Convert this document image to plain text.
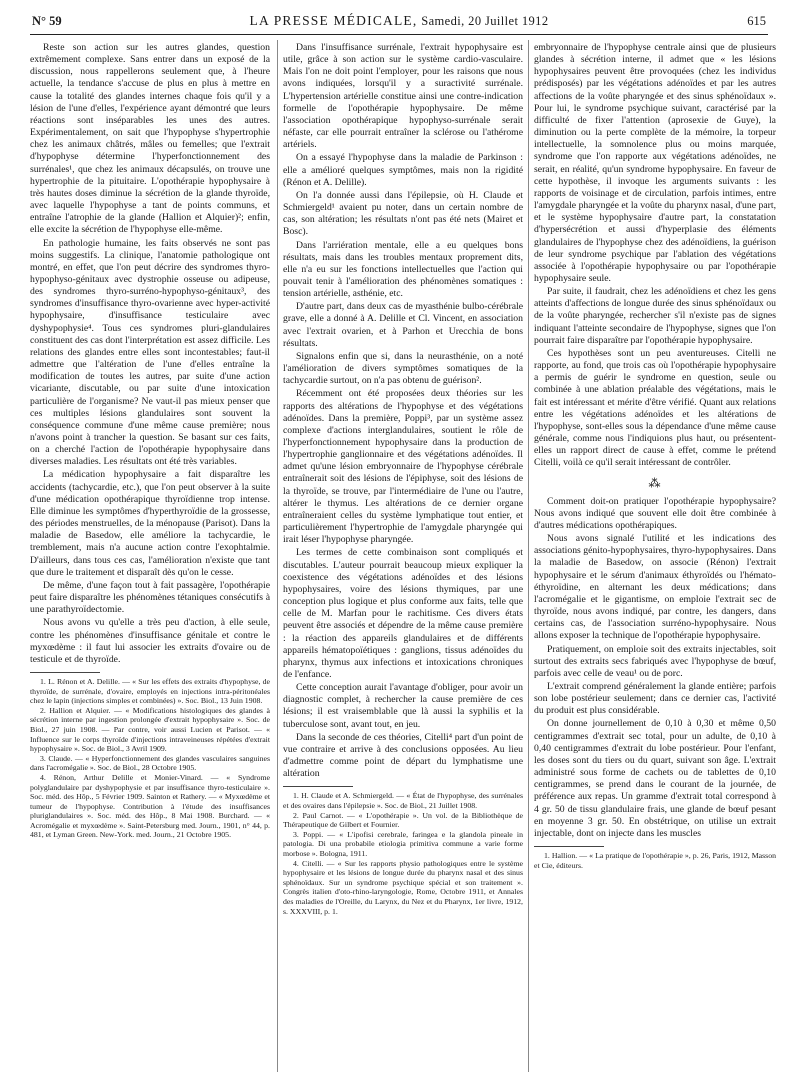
N° 59	LA PRESSE MÉDICALE, Samedi, 20 Juillet 1912	615

Reste son action sur les autres glandes, question extrêmement complexe. Sans entrer dans un exposé de la discussion, nous rappellerons seulement que, à l'heure actuelle, la tendance s'accuse de plus en plus à mettre en cause la totalité des glandes internes chaque fois qu'il y a lésion de l'une d'elles, l'expérience ayant démontré que leurs réactions sont inséparables les unes des autres. Expérimentalement, on sait que l'hypophyse s'hypertrophie chez les animaux châtrés, mâles ou femelles; que l'extrait d'hypophyse détermine l'hyperfonctionnement des surrénales¹, que chez les animaux décapsulés, on trouve une hypertrophie de la pituitaire. L'opothérapie hypophysaire à très hautes doses diminue la sécrétion de la glande thyroïde, avec laquelle l'hypophyse a tant de points communs, et entraîne l'atrophie de la glande (Hallion et Alquier)²; enfin, elle excite la sécrétion de l'hypophyse elle-même.

En pathologie humaine, les faits observés ne sont pas moins suggestifs. La clinique, l'anatomie pathologique ont montré, en effet, que l'on peut décrire des syndromes thyro-hypophyso-génitaux avec dystrophie osseuse ou adipeuse, des syndromes thyro-surréno-hypophyso-génitaux³, des syndromes d'insuffisance thyro-ovarienne avec hyper-activité hypophysaire, d'insuffisance testiculaire avec dyshypophysie⁴. Tous ces syndromes pluri-glandulaires constituent des cas dont l'interprétation est assez difficile. Les relations des glandes entre elles sont incontestables; faut-il admettre que l'altération de l'une d'elles entraîne la modification de toutes les autres, par suite d'une action vicariante, discutable, ou par suite d'une intoxication particulière de l'organisme? Ne vaut-il pas mieux penser que ces multiples lésions glandulaires sont souvent la conséquence commune d'une même cause première; nous n'avons point à trancher la question. Se basant sur ces faits, on a cherché l'action de l'opothérapie hypophysaire dans diverses maladies. Les résultats ont été très variables.

La médication hypophysaire a fait disparaître les accidents (tachycardie, etc.), que l'on peut observer à la suite d'une médication opothérapique thyroïdienne trop intense. Elle diminue les symptômes d'hyperthyroïdie de la grossesse, des périodes menstruelles, de la ménopause (Parisot). Dans la maladie de Basedow, elle améliore la tachycardie, le tremblement, mais n'a aucune action contre l'exophtalmie. D'ailleurs, dans tous ces cas, l'amélioration n'existe que tant que dure le traitement et disparaît dès qu'on le cesse.

De même, d'une façon tout à fait passagère, l'opothérapie peut faire disparaître les phénomènes tétaniques consécutifs à une parathyroïdectomie.

Nous avons vu qu'elle a très peu d'action, à elle seule, contre les phénomènes d'insuffisance génitale et contre le myxœdème : il faut lui associer les extraits d'ovaire ou de testicule et de thyroïde.

1. L. Rénon et A. Delille. — « Sur les effets des extraits d'hypophyse, de thyroïde, de surrénale, d'ovaire, employés en injections intra-péritonéales chez le lapin (injections simples et combinées) ». Soc. Biol., 13 Juin 1908.

2. Hallion et Alquier. — « Modifications histologiques des glandes à sécrétion interne par ingestion prolongée d'extrait hypophysaire ». Soc. de Biol., 27 juin 1908. — Par contre, voir aussi Lucien et Parisot. — « Influence sur le corps thyroïde d'injections intraveineuses répétées d'extrait hypophysaire ». Soc. de Biol., 3 Avril 1909.

3. Claude. — « Hyperfonctionnement des glandes vasculaires sanguines dans l'acromégalie ». Soc. de Biol., 28 Octobre 1905.

4. Rénon, Arthur Delille et Monier-Vinard. — « Syndrome polyglandulaire par dyshypophysie et par insuffisance thyro-testiculaire ». Soc. méd. des Hôp., 5 Février 1909. Sainton et Rathery. — « Myxœdème et tumeur de l'hypophyse. Contribution à l'étude des insuffisances pluriglandulaires ». Soc. méd. des Hôp., 8 Mai 1908. Burchard. — « Acromégalie et myxœdème ». Saint-Petersburg med. Journ., 1901, n° 44, p. 481, et Lyman Green. New-York. med. Journ., 21 Octobre 1905.

Dans l'insuffisance surrénale, l'extrait hypophysaire est utile, grâce à son action sur le système cardio-vasculaire. Mais l'on ne doit point l'employer, pour les raisons que nous avons indiquées, lorsqu'il y a suractivité surrénale. L'hypertension artérielle constitue ainsi une contre-indication formelle de l'opothérapie hypophysaire. De même l'association opothérapique hypophyso-surrénale serait néfaste, car elle pourrait entraîner la sclérose ou l'athérome artériels.

On a essayé l'hypophyse dans la maladie de Parkinson : elle a amélioré quelques symptômes, mais non la rigidité (Rénon et A. Delille).

On l'a donnée aussi dans l'épilepsie, où H. Claude et Schmiergeld¹ avaient pu noter, dans un certain nombre de cas, son altération; les résultats n'ont pas été nets (Mairet et Bosc).

Dans l'arriération mentale, elle a eu quelques bons résultats, mais dans les troubles mentaux proprement dits, elle n'a eu sur les fonctions intellectuelles que l'action qui pouvait tenir à l'amélioration des phénomènes somatiques : tension artérielle, asthénie, etc.

D'autre part, dans deux cas de myasthénie bulbo-cérébrale grave, elle a donné à A. Delille et Cl. Vincent, en association avec l'extrait ovarien, et à Parhon et Urecchia de bons résultats.

Signalons enfin que si, dans la neurasthénie, on a noté l'amélioration de divers symptômes somatiques de la tachycardie surtout, on n'a pas obtenu de guérison².

Récemment ont été proposées deux théories sur les rapports des altérations de l'hypophyse et des végétations adénoïdes. Dans la première, Poppi³, par un système assez complexe d'actions interglandulaires, soutient le rôle de l'hyperfonctionnement hypophysaire dans la production de l'hypertrophie ganglionnaire et des végétations adénoïdes. Il admet qu'une lésion embryonnaire de l'hypophyse cérébrale entraînerait soit des lésions de l'épiphyse, soit des lésions de la thyroïde, se trouve, par l'intermédiaire de l'une ou l'autre, altérer le thymus. Les altérations de ce dernier organe entraîneraient celles du système lymphatique tout entier, et particulièrement l'hypertrophie de l'amygdale pharyngée qui irait léser l'hypophyse pharyngée.

Les termes de cette combinaison sont compliqués et discutables. L'auteur pourrait beaucoup mieux expliquer la coexistence des végétations adénoïdes et des lésions hypophysaires, voire des lésions thymiques, par une conception plus logique et plus conforme aux faits, telle que celle de M. Marfan pour le rachitisme. Ces divers états peuvent être associés et dépendre de la même cause première : la réaction des appareils glandulaires et de différents appareils hématopoïétiques : ganglions, tissus adénoïdes du pharynx, thymus aux infections et intoxications chroniques de l'enfance.

Cette conception aurait l'avantage d'obliger, pour avoir un diagnostic complet, à rechercher la cause première de ces lésions; il est vraisemblable que là aussi la syphilis et la tuberculose sont, avant tout, en jeu.

Dans la seconde de ces théories, Citelli⁴ part d'un point de vue contraire et arrive à des conclusions opposées. Au lieu d'admettre comme point de départ du lymphatisme une altération

1. H. Claude et A. Schmiergeld. — « État de l'hypophyse, des surrénales et des ovaires dans l'épilepsie ». Soc. de Biol., 21 Juillet 1908.

2. Paul Carnot. — « L'opothérapie ». Un vol. de la Bibliothèque de Thérapeutique de Gilbert et Fournier.

3. Poppi. — « L'ipofisi cerebrale, faringea e la glandola pineale in patologia. Di una probabile etiologia primitiva commune a varie forme morbose ». Bologna, 1911.

4. Citelli. — « Sur les rapports physio pathologiques entre le système hypophysaire et les lésions de longue durée du pharynx nasal et des sinus sphénoïdaux. Sur un syndrome psychique spécial et son traitement ». Congrès italien d'oto-rhino-laryngologie, Rome, Octobre 1911, et Annales des maladies de l'Oreille, du Larynx, du Nez et du Pharynx, 1er livre, 1912, s. XXXVIII, p. 1.

embryonnaire de l'hypophyse centrale ainsi que de plusieurs glandes à sécrétion interne, il admet que « les lésions hypophysaires peuvent être provoquées (chez les individus prédisposés) par les végétations adénoïdes et par les autres affections de la voûte pharyngée et des sinus sphénoïdaux ». Pour lui, le syndrome psychique suivant, caractérisé par la difficulté de fixer l'attention (aprosexie de Guye), la diminution ou la perte complète de la mémoire, la torpeur intellectuelle, la somnolence plus ou moins marquée, syndrome que l'on rapporte aux végétations adénoïdes, ne serait, en réalité, qu'un syndrome hypophysaire. En faveur de cette hypothèse, il invoque les arguments suivants : les rapports de voisinage et de circulation, parfois intimes, entre l'amygdale pharyngée et la voûte du pharynx nasal, d'une part, et le système hypophysaire d'autre part, la constatation d'hypersécrétion et aussi d'hyperplasie des éléments glandulaires de l'hypophyse chez des adénoïdiens, la guérison de leur syndrome psychique par l'ablation des végétations associée à l'opothérapie hypophysaire ou par l'opothérapie hypophysaire seule.

Par suite, il faudrait, chez les adénoïdiens et chez les gens atteints d'affections de longue durée des sinus sphénoïdaux ou de la voûte pharyngée, rechercher s'il n'existe pas de signes indiquant l'atteinte secondaire de l'hypophyse, signes que l'on pourrait faire disparaître par l'opothérapie hypophysaire.

Ces hypothèses sont un peu aventureuses. Citelli ne rapporte, au fond, que trois cas où l'opothérapie hypophysaire a permis de guérir le syndrome en question, seule ou combinée à une ablation préalable des végétations, mais le fait est intéressant et mérite d'être vérifié. Quant aux relations entre les végétations adénoïdes et les altérations de l'hypophyse, sont-elles sous la dépendance d'une même cause générale, comme nous l'indiquions plus haut, ou présentent-elles un rapport direct de cause à effet, comme le prétend Citelli, voilà ce qu'il serait intéressant de contrôler.

⁂

Comment doit-on pratiquer l'opothérapie hypophysaire? Nous avons indiqué que souvent elle doit être combinée à d'autres médications opothérapiques.

Nous avons signalé l'utilité et les indications des associations génito-hypophysaires, thyro-hypophysaires. Dans la maladie de Basedow, on associe (Rénon) l'extrait hypophysaire et le sérum d'animaux éthyroïdés ou l'hémato-éthyroïdine, en alternant les deux médications; dans l'acromégalie et le gigantisme, on emploie l'extrait sec de thyroïde, nous avons indiqué, par contre, les dangers, dans certains cas, de l'association surréno-hypophysaire. Nous allons exposer la technique de l'opothérapie hypophysaire.

Pratiquement, on emploie soit des extraits injectables, soit surtout des extraits secs fabriqués avec l'hypophyse de bœuf, parfois avec celle de veau¹ ou de porc.

L'extrait comprend généralement la glande entière; parfois son lobe postérieur seulement; dans ce dernier cas, l'activité du produit est plus considérable.

On donne journellement de 0,10 à 0,30 et même 0,50 centigrammes d'extrait sec total, pour un adulte, de 0,10 à 0,40 centigrammes d'extrait du lobe postérieur. Pour l'enfant, les doses sont du tiers ou du quart, suivant son âge. L'extrait administré sous forme de cachets ou de tablettes de 0,10 centigrammes, se prend dans le courant de la journée, de préférence aux repas. Un gramme d'extrait total correspond à 4 gr. 50 de tissu glandulaire frais, une glande de bœuf pesant en moyenne 3 gr. 50. En obstétrique, on utilise un extrait injectable, dont on injecte dans les muscles

1. Hallion. — « La pratique de l'opothérapie », p. 26, Paris, 1912, Masson et Cie, éditeurs.
